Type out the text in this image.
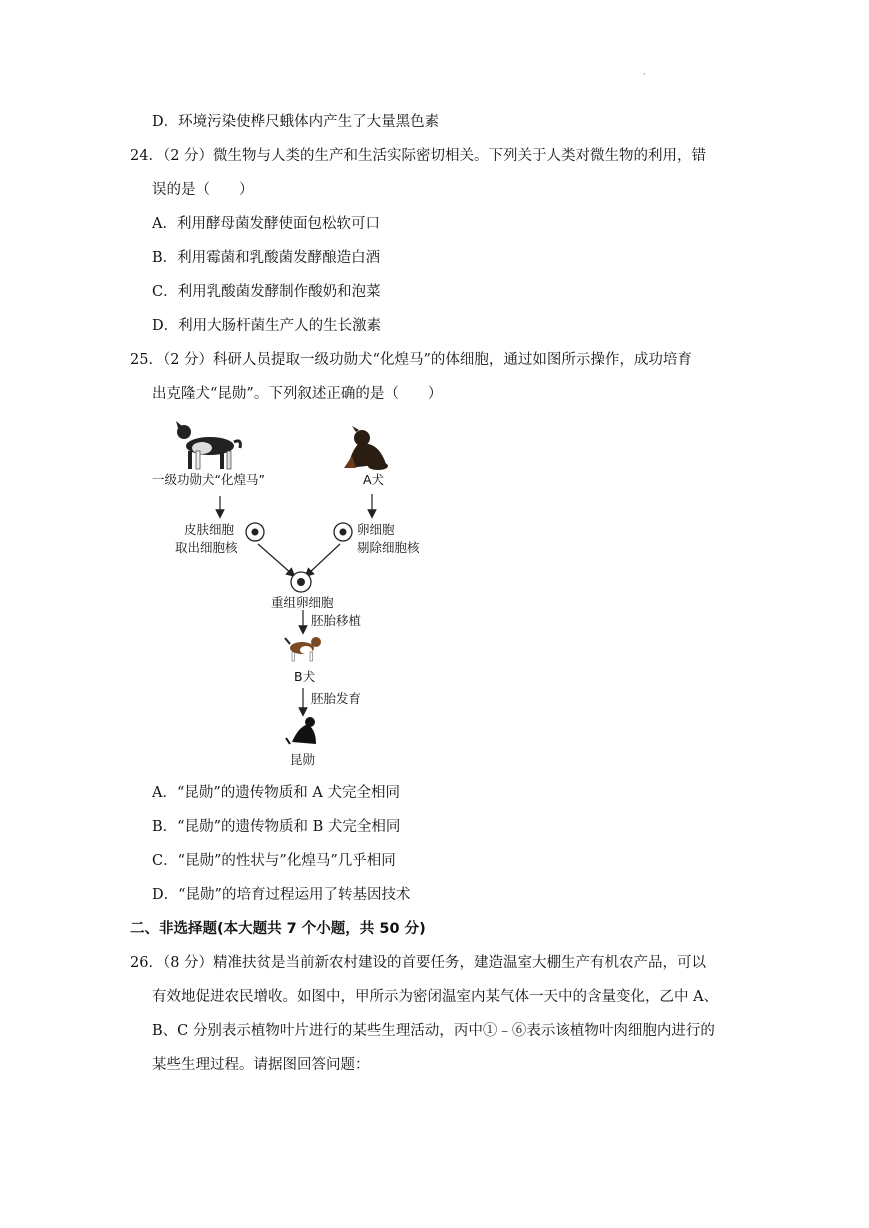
·
D．环境污染使桦尺蛾体内产生了大量黑色素
24．（2 分）微生物与人类的生产和生活实际密切相关。下列关于人类对微生物的利用，错
误的是（　　）
A．利用酵母菌发酵使面包松软可口
B．利用霉菌和乳酸菌发酵酿造白酒
C．利用乳酸菌发酵制作酸奶和泡菜
D．利用大肠杆菌生产人的生长激素
25．（2 分）科研人员提取一级功勋犬“化煌马”的体细胞，通过如图所示操作，成功培育
出克隆犬“昆勋”。下列叙述正确的是（　　）
一级功勋犬“化煌马”	A犬
皮肤细胞
取出细胞核
卵细胞
剔除细胞核
重组卵细胞
胚胎移植
B犬
胚胎发育
昆勋
A．“昆勋”的遗传物质和 A 犬完全相同
B．“昆勋”的遗传物质和 B 犬完全相同
C．“昆勋”的性状与”化煌马”几乎相同
D．“昆勋”的培育过程运用了转基因技术
二、非选择题(本大题共 7 个小题，共 50 分)
26．（8 分）精准扶贫是当前新农村建设的首要任务，建造温室大棚生产有机农产品，可以
有效地促进农民增收。如图中，甲所示为密闭温室内某气体一天中的含量变化，乙中 A、
B、C 分别表示植物叶片进行的某些生理活动，丙中①﹣⑥表示该植物叶肉细胞内进行的
某些生理过程。请据图回答问题：
